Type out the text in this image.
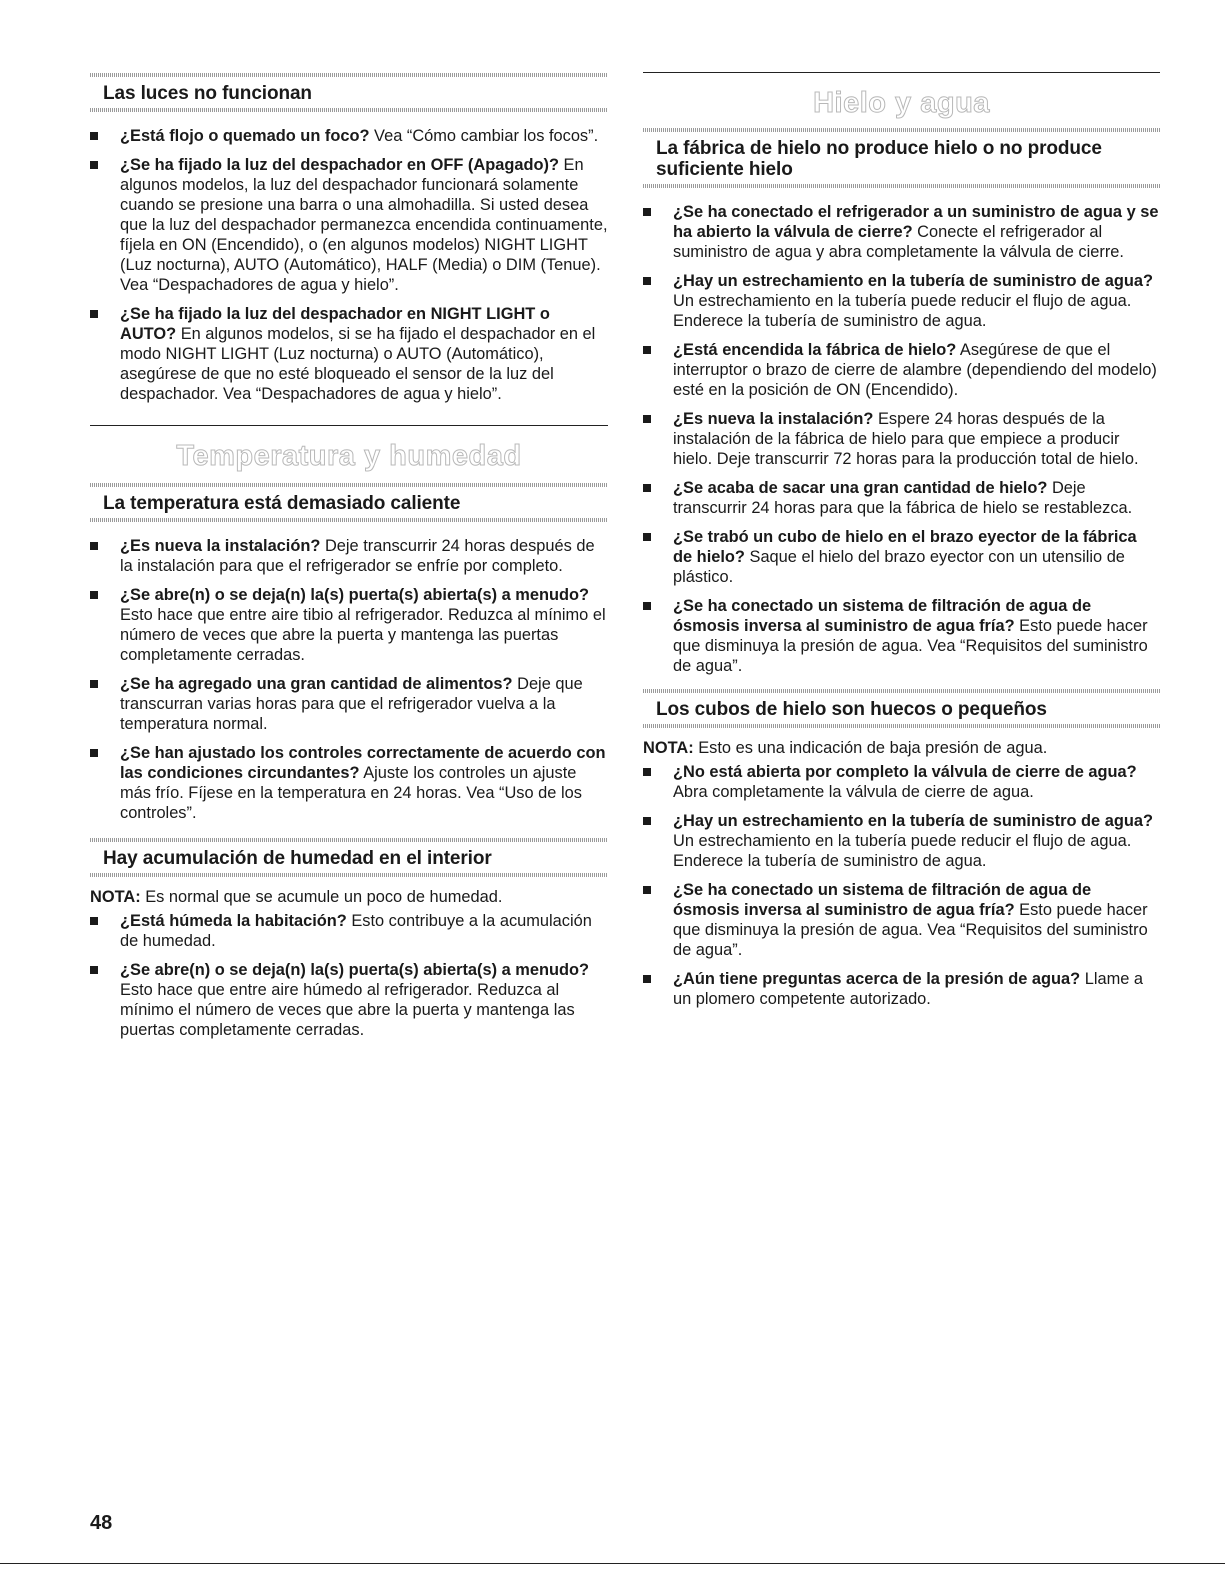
Las luces no funcionan
¿Está flojo o quemado un foco? Vea “Cómo cambiar los focos”.
¿Se ha fijado la luz del despachador en OFF (Apagado)? En algunos modelos, la luz del despachador funcionará solamente cuando se presione una barra o una almohadilla. Si usted desea que la luz del despachador permanezca encendida continuamente, fíjela en ON (Encendido), o (en algunos modelos) NIGHT LIGHT (Luz nocturna), AUTO (Automático), HALF (Media) o DIM (Tenue). Vea “Despachadores de agua y hielo”.
¿Se ha fijado la luz del despachador en NIGHT LIGHT o AUTO? En algunos modelos, si se ha fijado el despachador en el modo NIGHT LIGHT (Luz nocturna) o AUTO (Automático), asegúrese de que no esté bloqueado el sensor de la luz del despachador. Vea “Despachadores de agua y hielo”.
Temperatura y humedad
La temperatura está demasiado caliente
¿Es nueva la instalación? Deje transcurrir 24 horas después de la instalación para que el refrigerador se enfríe por completo.
¿Se abre(n) o se deja(n) la(s) puerta(s) abierta(s) a menudo? Esto hace que entre aire tibio al refrigerador. Reduzca al mínimo el número de veces que abre la puerta y mantenga las puertas completamente cerradas.
¿Se ha agregado una gran cantidad de alimentos? Deje que transcurran varias horas para que el refrigerador vuelva a la temperatura normal.
¿Se han ajustado los controles correctamente de acuerdo con las condiciones circundantes? Ajuste los controles un ajuste más frío. Fíjese en la temperatura en 24 horas. Vea “Uso de los controles”.
Hay acumulación de humedad en el interior

NOTA: Es normal que se acumule un poco de humedad.

¿Está húmeda la habitación? Esto contribuye a la acumulación de humedad.
¿Se abre(n) o se deja(n) la(s) puerta(s) abierta(s) a menudo? Esto hace que entre aire húmedo al refrigerador. Reduzca al mínimo el número de veces que abre la puerta y mantenga las puertas completamente cerradas.
Hielo y agua
La fábrica de hielo no produce hielo o no produce suficiente hielo
¿Se ha conectado el refrigerador a un suministro de agua y se ha abierto la válvula de cierre? Conecte el refrigerador al suministro de agua y abra completamente la válvula de cierre.
¿Hay un estrechamiento en la tubería de suministro de agua? Un estrechamiento en la tubería puede reducir el flujo de agua. Enderece la tubería de suministro de agua.
¿Está encendida la fábrica de hielo? Asegúrese de que el interruptor o brazo de cierre de alambre (dependiendo del modelo) esté en la posición de ON (Encendido).
¿Es nueva la instalación? Espere 24 horas después de la instalación de la fábrica de hielo para que empiece a producir hielo. Deje transcurrir 72 horas para la producción total de hielo.
¿Se acaba de sacar una gran cantidad de hielo? Deje transcurrir 24 horas para que la fábrica de hielo se restablezca.
¿Se trabó un cubo de hielo en el brazo eyector de la fábrica de hielo? Saque el hielo del brazo eyector con un utensilio de plástico.
¿Se ha conectado un sistema de filtración de agua de ósmosis inversa al suministro de agua fría? Esto puede hacer que disminuya la presión de agua. Vea “Requisitos del suministro de agua”.
Los cubos de hielo son huecos o pequeños

NOTA: Esto es una indicación de baja presión de agua.

¿No está abierta por completo la válvula de cierre de agua? Abra completamente la válvula de cierre de agua.
¿Hay un estrechamiento en la tubería de suministro de agua? Un estrechamiento en la tubería puede reducir el flujo de agua. Enderece la tubería de suministro de agua.
¿Se ha conectado un sistema de filtración de agua de ósmosis inversa al suministro de agua fría? Esto puede hacer que disminuya la presión de agua. Vea “Requisitos del suministro de agua”.
¿Aún tiene preguntas acerca de la presión de agua? Llame a un plomero competente autorizado.
48
